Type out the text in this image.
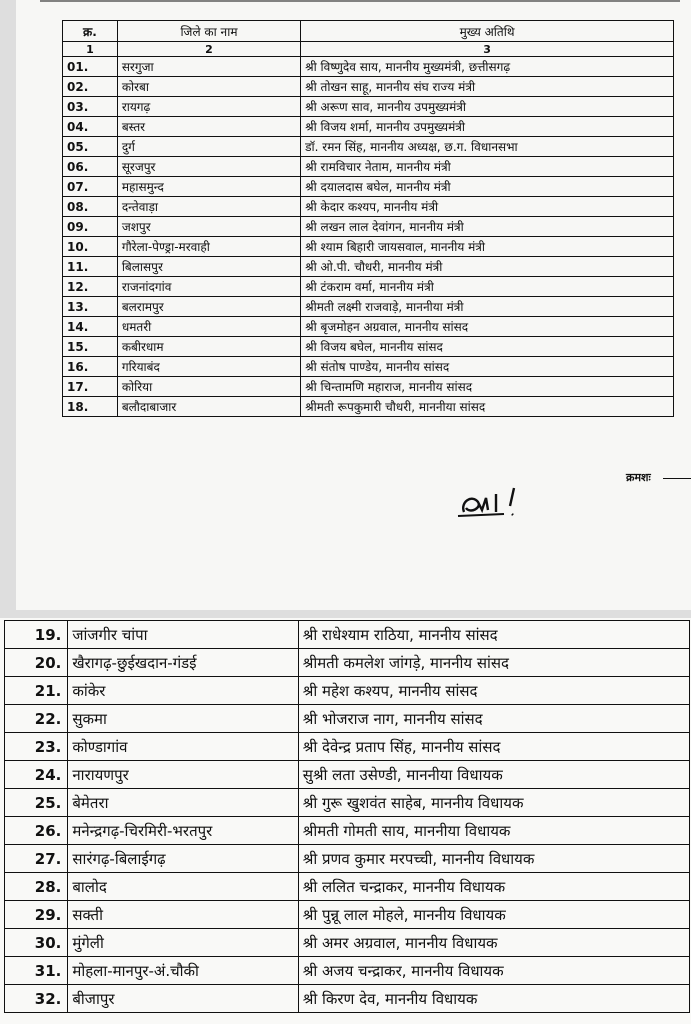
क्र.	जिले का नाम	मुख्य अतिथि
1	2	3
01.	सरगुजा	श्री विष्णुदेव साय, माननीय मुख्यमंत्री, छत्तीसगढ़
02.	कोरबा	श्री तोखन साहू, माननीय संघ राज्य मंत्री
03.	रायगढ़	श्री अरूण साव, माननीय उपमुख्यमंत्री
04.	बस्तर	श्री विजय शर्मा, माननीय उपमुख्यमंत्री
05.	दुर्ग	डॉ. रमन सिंह, माननीय अध्यक्ष, छ.ग. विधानसभा
06.	सूरजपुर	श्री रामविचार नेताम, माननीय मंत्री
07.	महासमुन्द	श्री दयालदास बघेल, माननीय मंत्री
08.	दन्तेवाड़ा	श्री केदार कश्यप, माननीय मंत्री
09.	जशपुर	श्री लखन लाल देवांगन, माननीय मंत्री
10.	गौरेला-पेण्ड्रा-मरवाही	श्री श्याम बिहारी जायसवाल, माननीय मंत्री
11.	बिलासपुर	श्री ओ.पी. चौधरी, माननीय मंत्री
12.	राजनांदगांव	श्री टंकराम वर्मा, माननीय मंत्री
13.	बलरामपुर	श्रीमती लक्ष्मी राजवाड़े, माननीया मंत्री
14.	धमतरी	श्री बृजमोहन अग्रवाल, माननीय सांसद
15.	कबीरधाम	श्री विजय बघेल, माननीय सांसद
16.	गरियाबंद	श्री संतोष पाण्डेय, माननीय सांसद
17.	कोरिया	श्री चिन्तामणि महाराज, माननीय सांसद
18.	बलौदाबाजार	श्रीमती रूपकुमारी चौधरी, माननीया सांसद
क्रमशः
19.	जांजगीर चांपा	श्री राधेश्याम राठिया, माननीय सांसद
20.	खैरागढ़-छुईखदान-गंडई	श्रीमती कमलेश जांगड़े, माननीय सांसद
21.	कांकेर	श्री महेश कश्यप, माननीय सांसद
22.	सुकमा	श्री भोजराज नाग, माननीय सांसद
23.	कोण्डागांव	श्री देवेन्द्र प्रताप सिंह, माननीय सांसद
24.	नारायणपुर	सुश्री लता उसेण्डी, माननीया विधायक
25.	बेमेतरा	श्री गुरू खुशवंत साहेब, माननीय विधायक
26.	मनेन्द्रगढ़-चिरमिरी-भरतपुर	श्रीमती गोमती साय, माननीया विधायक
27.	सारंगढ़-बिलाईगढ़	श्री प्रणव कुमार मरपच्ची, माननीय विधायक
28.	बालोद	श्री ललित चन्द्राकर, माननीय विधायक
29.	सक्ती	श्री पुन्नू लाल मोहले, माननीय विधायक
30.	मुंगेली	श्री अमर अग्रवाल, माननीय विधायक
31.	मोहला-मानपुर-अं.चौकी	श्री अजय चन्द्राकर, माननीय विधायक
32.	बीजापुर	श्री किरण देव, माननीय विधायक
